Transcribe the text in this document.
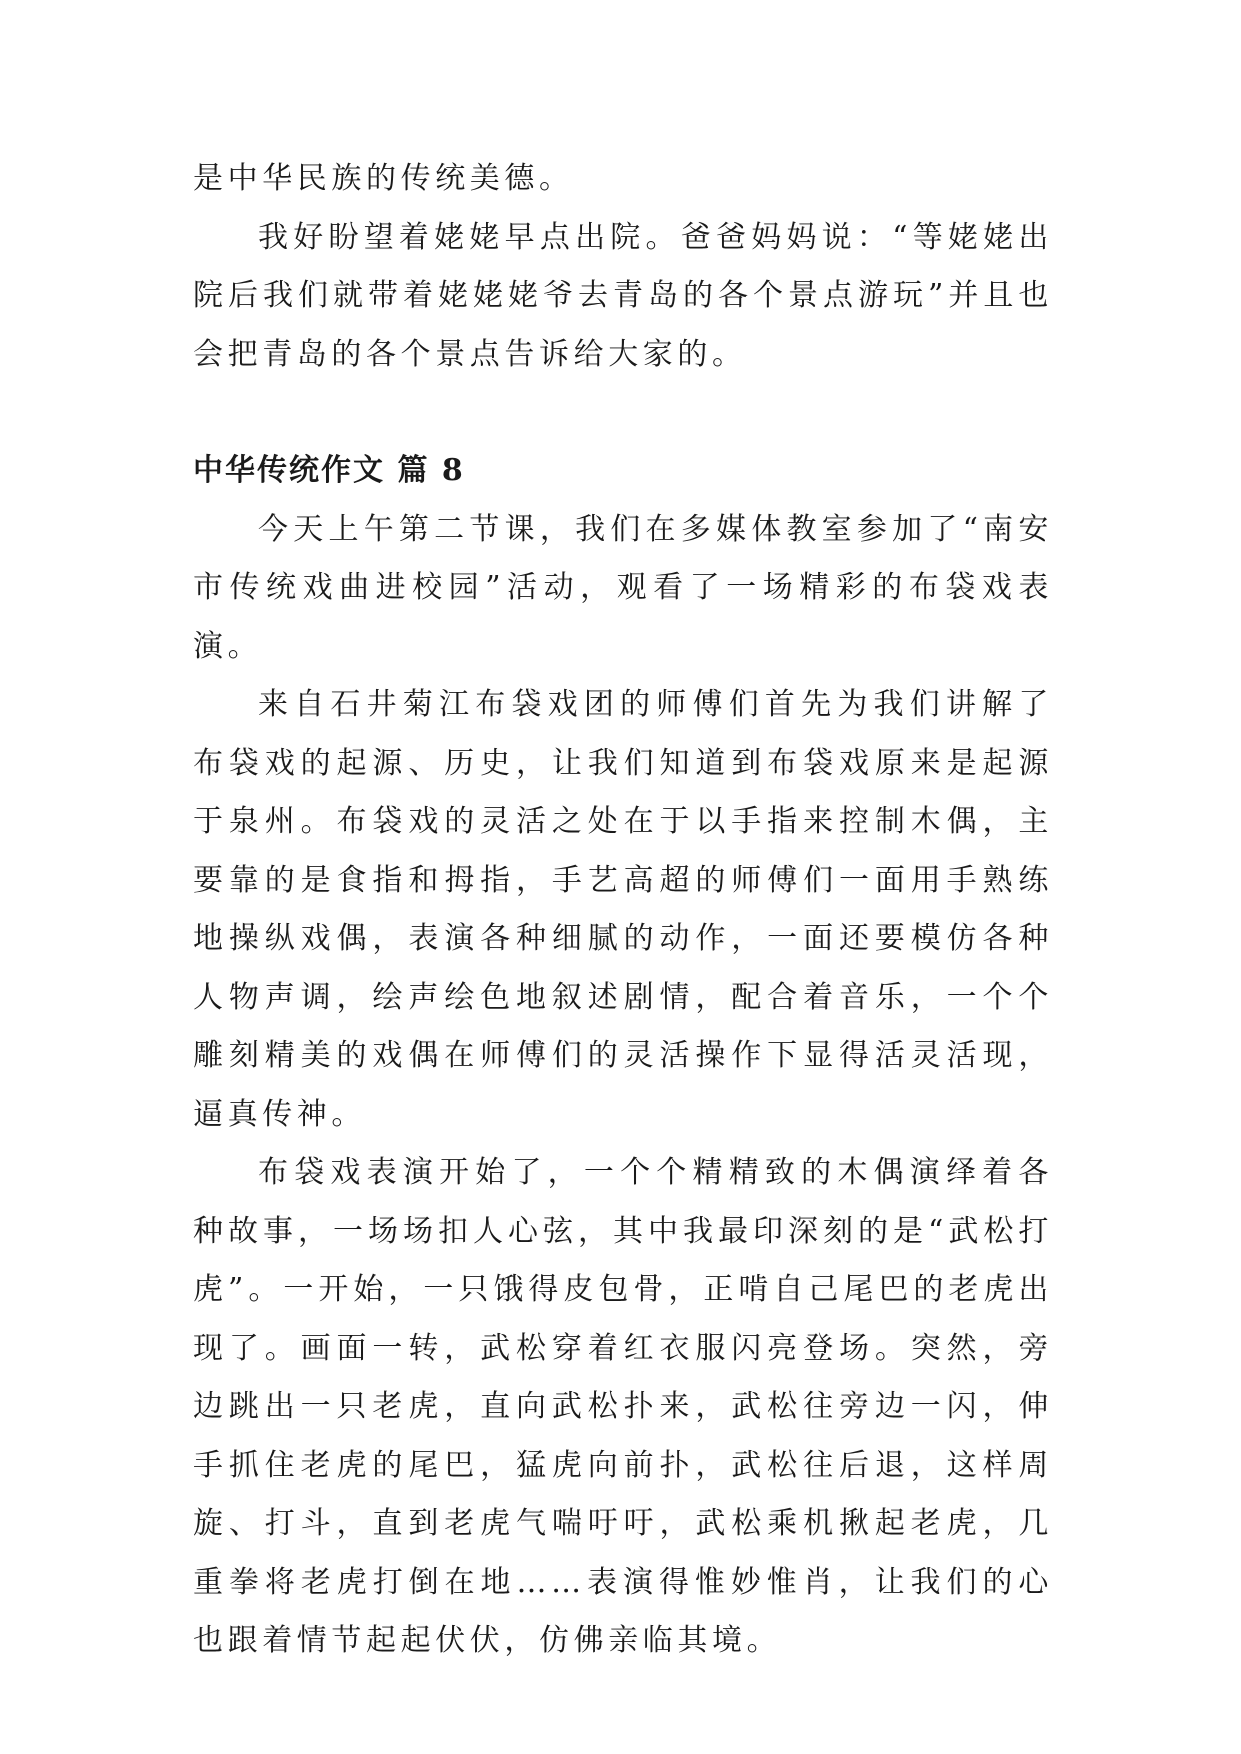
是中华民族的传统美德。

我好盼望着姥姥早点出院。爸爸妈妈说：“等姥姥出院后我们就带着姥姥姥爷去青岛的各个景点游玩”并且也会把青岛的各个景点告诉给大家的。

中华传统作文 篇 8

今天上午第二节课，我们在多媒体教室参加了“南安市传统戏曲进校园”活动，观看了一场精彩的布袋戏表演。

来自石井菊江布袋戏团的师傅们首先为我们讲解了布袋戏的起源、历史，让我们知道到布袋戏原来是起源于泉州。布袋戏的灵活之处在于以手指来控制木偶，主要靠的是食指和拇指，手艺高超的师傅们一面用手熟练地操纵戏偶，表演各种细腻的动作，一面还要模仿各种人物声调，绘声绘色地叙述剧情，配合着音乐，一个个雕刻精美的戏偶在师傅们的灵活操作下显得活灵活现，逼真传神。

布袋戏表演开始了，一个个精精致的木偶演绎着各种故事，一场场扣人心弦，其中我最印深刻的是“武松打虎”。一开始，一只饿得皮包骨，正啃自己尾巴的老虎出现了。画面一转，武松穿着红衣服闪亮登场。突然，旁边跳出一只老虎，直向武松扑来，武松往旁边一闪，伸手抓住老虎的尾巴，猛虎向前扑，武松往后退，这样周旋、打斗，直到老虎气喘吁吁，武松乘机揪起老虎，几重拳将老虎打倒在地……表演得惟妙惟肖，让我们的心也跟着情节起起伏伏，仿佛亲临其境。
